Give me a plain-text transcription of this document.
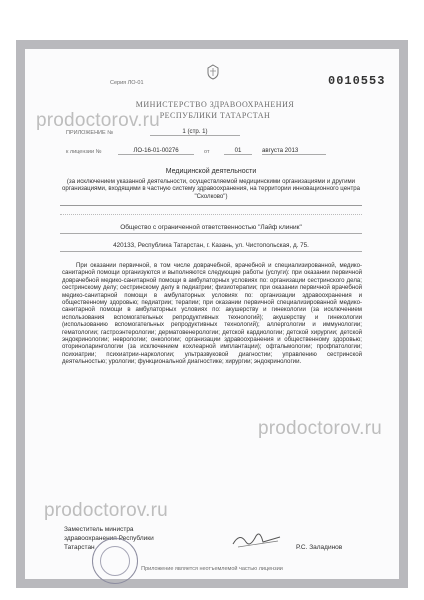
prodoctorov.ru
prodoctorov.ru
prodoctorov.ru
Серия ЛО-01	0010553
МИНИСТЕРСТВО ЗДРАВООХРАНЕНИЯ
РЕСПУБЛИКИ ТАТАРСТАН
ПРИЛОЖЕНИЕ №	1 (стр. 1)
к лицензии №	ЛО-16-01-00276	от	01	августа 2013
Медицинской деятельности
(за исключением указанной деятельности, осуществляемой медицинскими организациями и другими организациями, входящими в частную систему здравоохранения, на территории инновационного центра "Сколково")
Общество с ограниченной ответственностью "Лайф клиник"
420133, Республика Татарстан, г. Казань, ул. Чистопольская, д. 75.
При оказании первичной, в том числе доврачебной, врачебной и специализированной, медико-санитарной помощи организуются и выполняются следующие работы (услуги): при оказании первичной доврачебной медико-санитарной помощи в амбулаторных условиях по: организации сестринского дела; сестринскому делу; сестринскому делу в педиатрии; физиотерапии; при оказании первичной врачебной медико-санитарной помощи в амбулаторных условиях по: организации здравоохранения и общественному здоровью; педиатрии; терапии; при оказании первичной специализированной медико-санитарной помощи в амбулаторных условиях по: акушерству и гинекологии (за исключением использования вспомогательных репродуктивных технологий); акушерству и гинекологии (использованию вспомогательных репродуктивных технологий); аллергологии и иммунологии; гематологии; гастроэнтерологии; дерматовенерологии; детской кардиологии; детской хирургии; детской эндокринологии; неврологии; онкологии; организации здравоохранения и общественному здоровью; оториноларингологии (за исключением кохлеарной имплантации); офтальмологии; профпатологии; психиатрии; психиатрии-наркологии; ультразвуковой диагностии; управлению сестринской деятельностью; урологии; функциональной диагностике; хирургии; эндокринологии.
Заместитель министра
здравоохранения Республики
Татарстан	Р.С. Заладинов
Приложение является неотъемлемой частью лицензии
